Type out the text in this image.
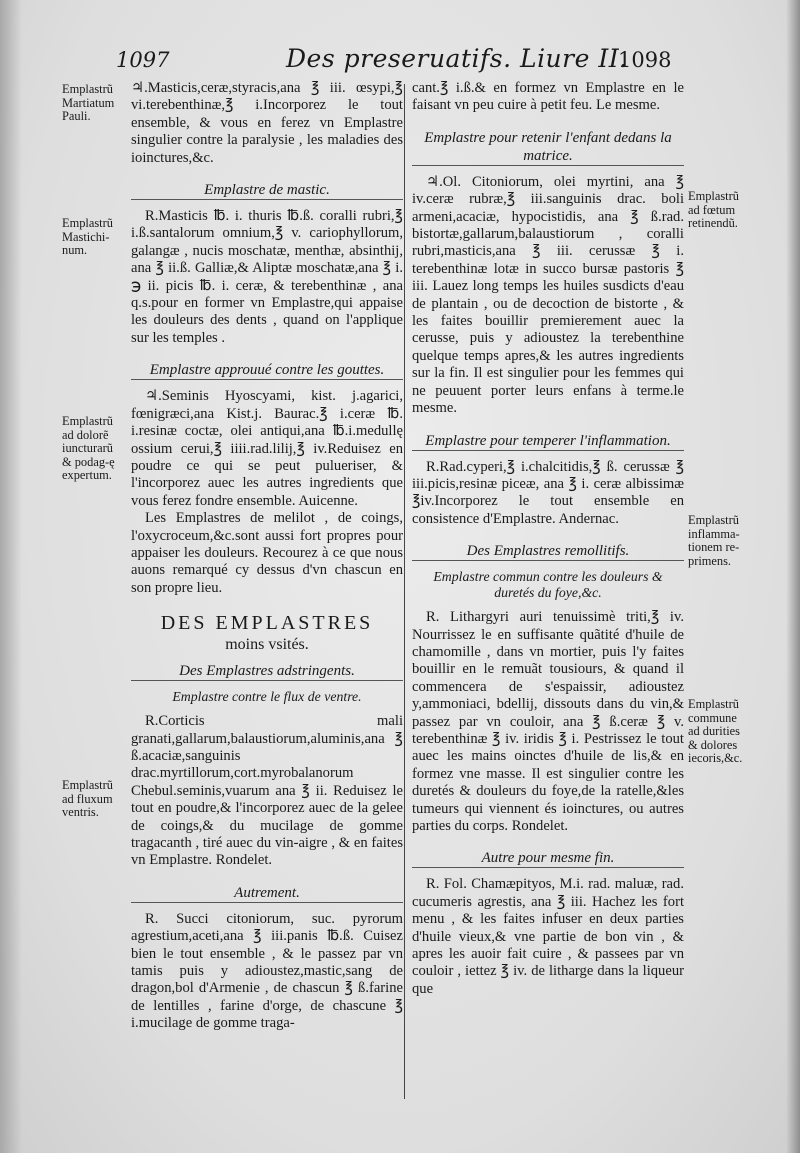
1097	Des preseruatifs. Liure II.
1098
Emplastrũ
Martiatum
Pauli.
Emplastrũ
Mastichi-
num.
Emplastrũ
ad dolorẽ
iuncturarũ
& podag-ę
expertum.
Emplastrũ
ad fluxum
ventris.
Emplastrũ
ad fœtum
retinendũ.
Emplastrũ
inflamma-
tionem re-
primens.
Emplastrũ
commune
ad durities
& dolores
iecoris,&c.

♃.Masticis,ceræ,styracis,ana ℥ iii. œsypi,℥ vi.terebenthinæ,℥ i.Incorporez le tout ensemble, & vous en ferez vn Emplastre singulier contre la paralysie , les maladies des ioinctures,&c.

Emplastre de mastic.

R.Masticis ℔. i. thuris ℔.ß. coralli rubri,℥ i.ß.santalorum omnium,℥ v. cariophyllorum, galangæ , nucis moschatæ, menthæ, absinthij, ana ℥ ii.ß. Galliæ,& Aliptæ moschatæ,ana ℥ i. ℈ ii. picis ℔. i. ceræ, & terebenthinæ , ana q.s.pour en former vn Emplastre,qui appaise les douleurs des dents , quand on l'applique sur les temples .

Emplastre approuué contre les gouttes.

♃.Seminis Hyoscyami, kist. j.agarici, fœnigræci,ana Kist.j. Baurac.℥ i.ceræ ℔. i.resinæ coctæ, olei antiqui,ana ℔.i.medullę ossium cerui,℥ iiii.rad.lilij,℥ iv.Reduisez en poudre ce qui se peut pulueriser, & l'incorporez auec les autres ingredients que vous ferez fondre ensemble. Auicenne.

Les Emplastres de melilot , de coings, l'oxycroceum,&c.sont aussi fort propres pour appaiser les douleurs. Recourez à ce que nous auons remarqué cy dessus d'vn chascun en son propre lieu.

DES EMPLASTRES
moins vsités.
Des Emplastres adstringents.
Emplastre contre le flux de ventre.

R.Corticis mali granati,gallarum,balaustiorum,aluminis,ana ℥ ß.acaciæ,sanguinis drac.myrtillorum,cort.myrobalanorum Chebul.seminis,vuarum ana ℥ ii. Reduisez le tout en poudre,& l'incorporez auec de la gelee de coings,& du mucilage de gomme tragacanth , tiré auec du vin-aigre , & en faites vn Emplastre. Rondelet.

Autrement.

R. Succi citoniorum, suc. pyrorum agrestium,aceti,ana ℥ iii.panis ℔.ß. Cuisez bien le tout ensemble , & le passez par vn tamis puis y adioustez,mastic,sang de dragon,bol d'Armenie , de chascun ℥ ß.farine de lentilles , farine d'orge, de chascune ℥ i.mucilage de gomme traga-

cant.℥ i.ß.& en formez vn Emplastre en le faisant vn peu cuire à petit feu. Le mesme.

Emplastre pour retenir l'enfant dedans la matrice.

♃.Ol. Citoniorum, olei myrtini, ana ℥ iv.ceræ rubræ,℥ iii.sanguinis drac. boli armeni,acaciæ, hypocistidis, ana ℥ ß.rad. bistortæ,gallarum,balaustiorum , coralli rubri,masticis,ana ℥ iii. cerussæ ℥ i. terebenthinæ lotæ in succo bursæ pastoris ℥ iii. Lauez long temps les huiles susdicts d'eau de plantain , ou de decoction de bistorte , & les faites bouillir premierement auec la cerusse, puis y adioustez la terebenthine quelque temps apres,& les autres ingredients sur la fin. Il est singulier pour les femmes qui ne peuuent porter leurs enfans à terme.le mesme.

Emplastre pour temperer l'inflammation.

R.Rad.cyperi,℥ i.chalcitidis,℥ ß. cerussæ ℥ iii.picis,resinæ piceæ, ana ℥ i. ceræ albissimæ ℥iv.Incorporez le tout ensemble en consistence d'Emplastre. Andernac.

Des Emplastres remollitifs.
Emplastre commun contre les douleurs & duretés du foye,&c.

R. Lithargyri auri tenuissimè triti,℥ iv. Nourrissez le en suffisante quãtité d'huile de chamomille , dans vn mortier, puis l'y faites bouillir en le remuãt tousiours, & quand il commencera de s'espaissir, adioustez y,ammoniaci, bdellij, dissouts dans du vin,& passez par vn couloir, ana ℥ ß.ceræ ℥ v. terebenthinæ ℥ iv. iridis ℥ i. Pestrissez le tout auec les mains oinctes d'huile de lis,& en formez vne masse. Il est singulier contre les duretés & douleurs du foye,de la ratelle,&les tumeurs qui viennent és ioinctures, ou autres parties du corps. Rondelet.

Autre pour mesme fin.

R. Fol. Chamæpityos, M.i. rad. maluæ, rad. cucumeris agrestis, ana ℥ iii. Hachez les fort menu , & les faites infuser en deux parties d'huile vieux,& vne partie de bon vin , & apres les auoir fait cuire , & passees par vn couloir , iettez ℥ iv. de litharge dans la liqueur que
